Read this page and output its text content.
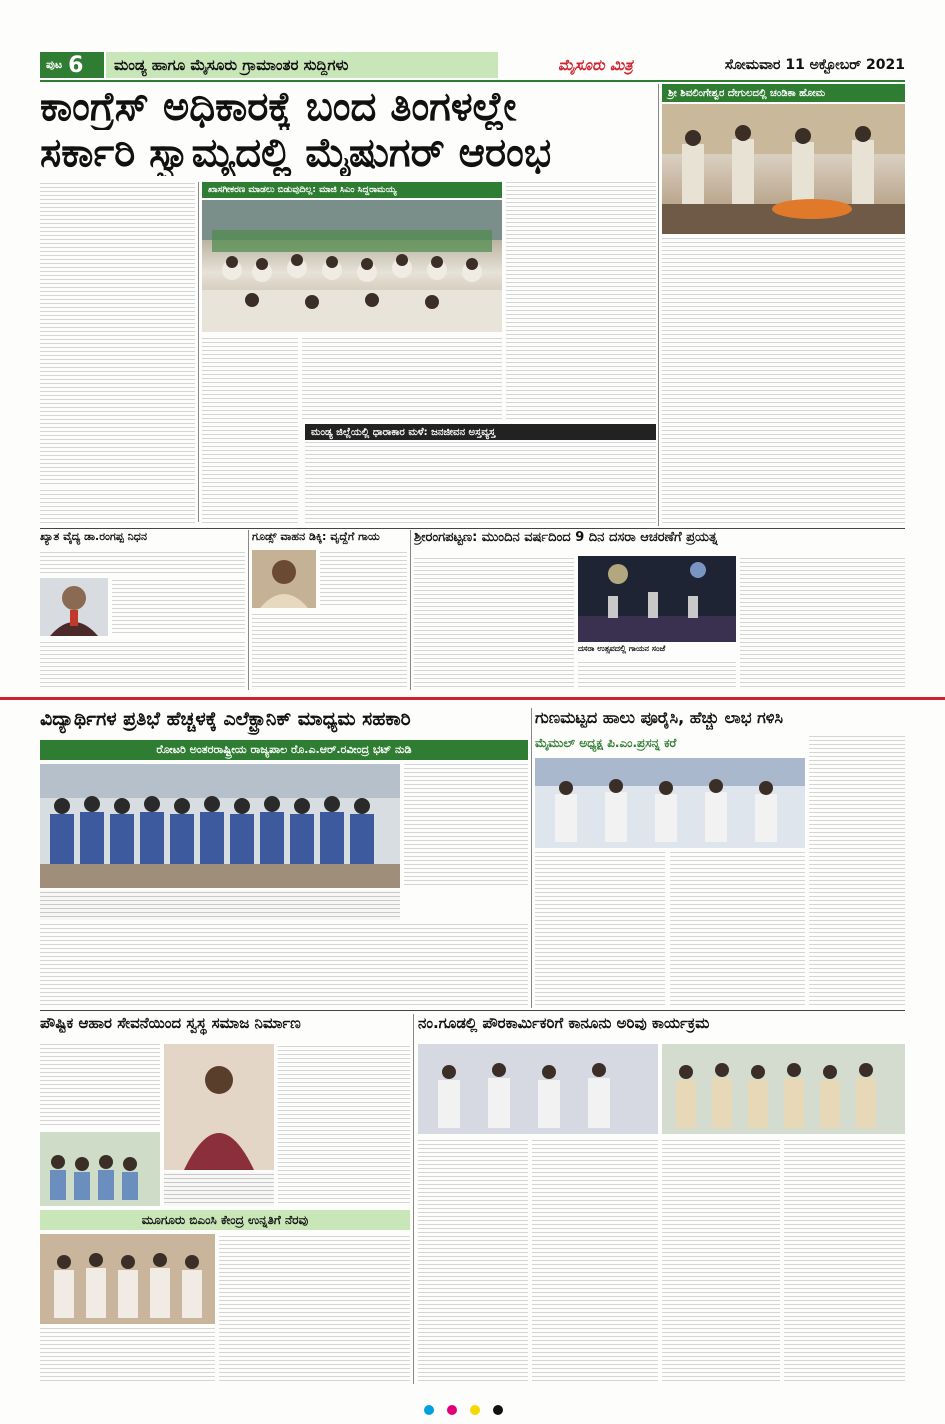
ಪುಟ 6 ಮಂಡ್ಯ ಹಾಗೂ ಮೈಸೂರು ಗ್ರಾಮಾಂತರ ಸುದ್ದಿಗಳು	ಮೈಸೂರು ಮಿತ್ರ	ಸೋಮವಾರ 11 ಅಕ್ಟೋಬರ್ 2021
ಕಾಂಗ್ರೆಸ್ ಅಧಿಕಾರಕ್ಕೆ ಬಂದ ತಿಂಗಳಲ್ಲೇ
ಸರ್ಕಾರಿ ಸ್ವಾಮ್ಯದಲ್ಲಿ ಮೈಷುಗರ್ ಆರಂಭ
ಖಾಸಗೀಕರಣ ಮಾಡಲು ಬಿಡುವುದಿಲ್ಲ: ಮಾಜಿ ಸಿಎಂ ಸಿದ್ದರಾಮಯ್ಯ
ಮಂಡ್ಯ ಜಿಲ್ಲೆಯಲ್ಲಿ ಧಾರಾಕಾರ ಮಳೆ: ಜನಜೀವನ ಅಸ್ತವ್ಯಸ್ತ
ಶ್ರೀ ಶಿವಲಿಂಗೇಶ್ವರ ದೇಗುಲದಲ್ಲಿ ಚಂಡಿಕಾ ಹೋಮ
ಖ್ಯಾತ ವೈದ್ಯ ಡಾ.ರಂಗಪ್ಪ ನಿಧನ	ಗೂಡ್ಸ್ ವಾಹನ ಡಿಕ್ಕಿ: ವೃದ್ದೆಗೆ ಗಾಯ	ಶ್ರೀರಂಗಪಟ್ಟಣ: ಮುಂದಿನ ವರ್ಷದಿಂದ 9 ದಿನ ದಸರಾ ಆಚರಣೆಗೆ ಪ್ರಯತ್ನ
ದಸರಾ ಉತ್ಸವದಲ್ಲಿ ಗಾಯನ ಸಂಜೆ
ವಿದ್ಯಾರ್ಥಿಗಳ ಪ್ರತಿಭೆ ಹೆಚ್ಚಳಕ್ಕೆ ಎಲೆಕ್ಟ್ರಾನಿಕ್ ಮಾಧ್ಯಮ ಸಹಕಾರಿ
ರೋಟರಿ ಅಂತರರಾಷ್ಟ್ರೀಯ ರಾಜ್ಯಪಾಲ ರೊ.ಎ.ಆರ್.ರವೀಂದ್ರ ಭಟ್ ನುಡಿ
ಗುಣಮಟ್ಟದ ಹಾಲು ಪೂರೈಸಿ, ಹೆಚ್ಚು ಲಾಭ ಗಳಿಸಿ
ಮೈಮುಲ್ ಅಧ್ಯಕ್ಷ ಪಿ.ಎಂ.ಪ್ರಸನ್ನ ಕರೆ
ಪೌಷ್ಟಿಕ ಆಹಾರ ಸೇವನೆಯಿಂದ ಸ್ವಸ್ಥ ಸಮಾಜ ನಿರ್ಮಾಣ
ಮೂಗೂರು ಬಿಎಂಸಿ ಕೇಂದ್ರ ಉನ್ನತಿಗೆ ನೆರವು
ನಂ.ಗೂಡಲ್ಲಿ ಪೌರಕಾರ್ಮಿಕರಿಗೆ ಕಾನೂನು ಅರಿವು ಕಾರ್ಯಕ್ರಮ
